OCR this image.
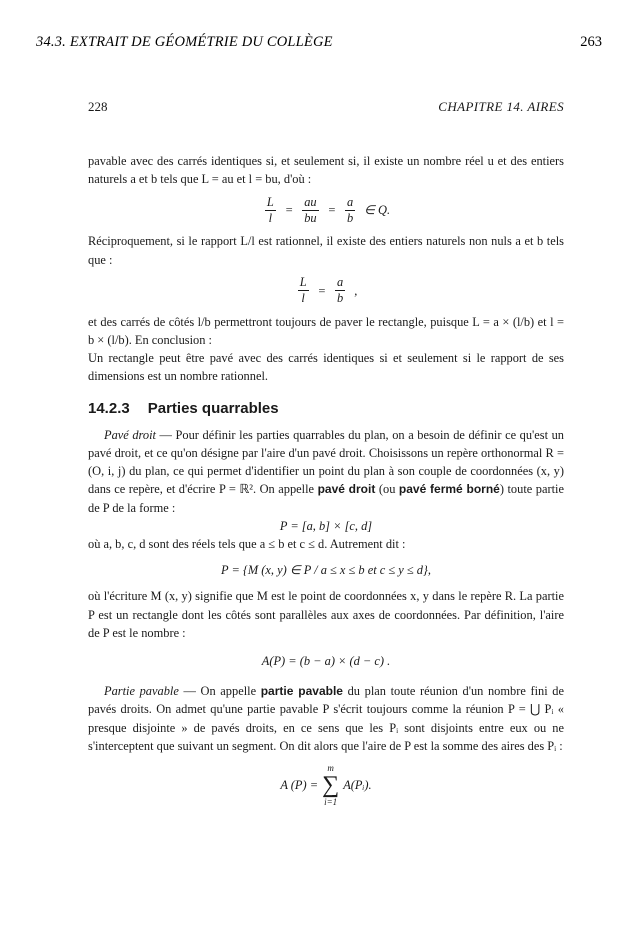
34.3. EXTRAIT DE GÉOMÉTRIE DU COLLÈGE	263
228	CHAPITRE 14. AIRES

pavable avec des carrés identiques si, et seulement si, il existe un nombre réel u et des entiers naturels a et b tels que L = au et l = bu, d'où :

$\frac{L}{l} = \frac{au}{bu} = \frac{a}{b}$ ∈ Q.

Réciproquement, si le rapport L/l est rationnel, il existe des entiers naturels non nuls a et b tels que :

$\frac{L}{l} = \frac{a}{b}$ ,

et des carrés de côtés l/b permettront toujours de paver le rectangle, puisque L = a × (l/b) et l = b × (l/b). En conclusion :

Un rectangle peut être pavé avec des carrés identiques si et seulement si le rapport de ses dimensions est un nombre rationnel.

14.2.3 Parties quarrables

Pavé droit — Pour définir les parties quarrables du plan, on a besoin de définir ce qu'est un pavé droit, et ce qu'on désigne par l'aire d'un pavé droit. Choisissons un repère orthonormal R = (O, i, j) du plan, ce qui permet d'identifier un point du plan à son couple de coordonnées (x, y) dans ce repère, et d'écrire P = ℝ². On appelle pavé droit (ou pavé fermé borné) toute partie de P de la forme :

P = [a, b] × [c, d]

où a, b, c, d sont des réels tels que a ≤ b et c ≤ d. Autrement dit :

P = {M (x, y) ∈ P / a ≤ x ≤ b et c ≤ y ≤ d},

où l'écriture M (x, y) signifie que M est le point de coordonnées x, y dans le repère R. La partie P est un rectangle dont les côtés sont parallèles aux axes de coordonnées. Par définition, l'aire de P est le nombre :

A(P) = (b − a) × (d − c) .

Partie pavable — On appelle partie pavable du plan toute réunion d'un nombre fini de pavés droits. On admet qu'une partie pavable P s'écrit toujours comme la réunion P = ⋃ Pᵢ « presque disjointe » de pavés droits, en ce sens que les Pᵢ sont disjoints entre eux ou ne s'interceptent que suivant un segment. On dit alors que l'aire de P est la somme des aires des Pᵢ :

A (P) =
m
∑
i=1
A(Pᵢ).
